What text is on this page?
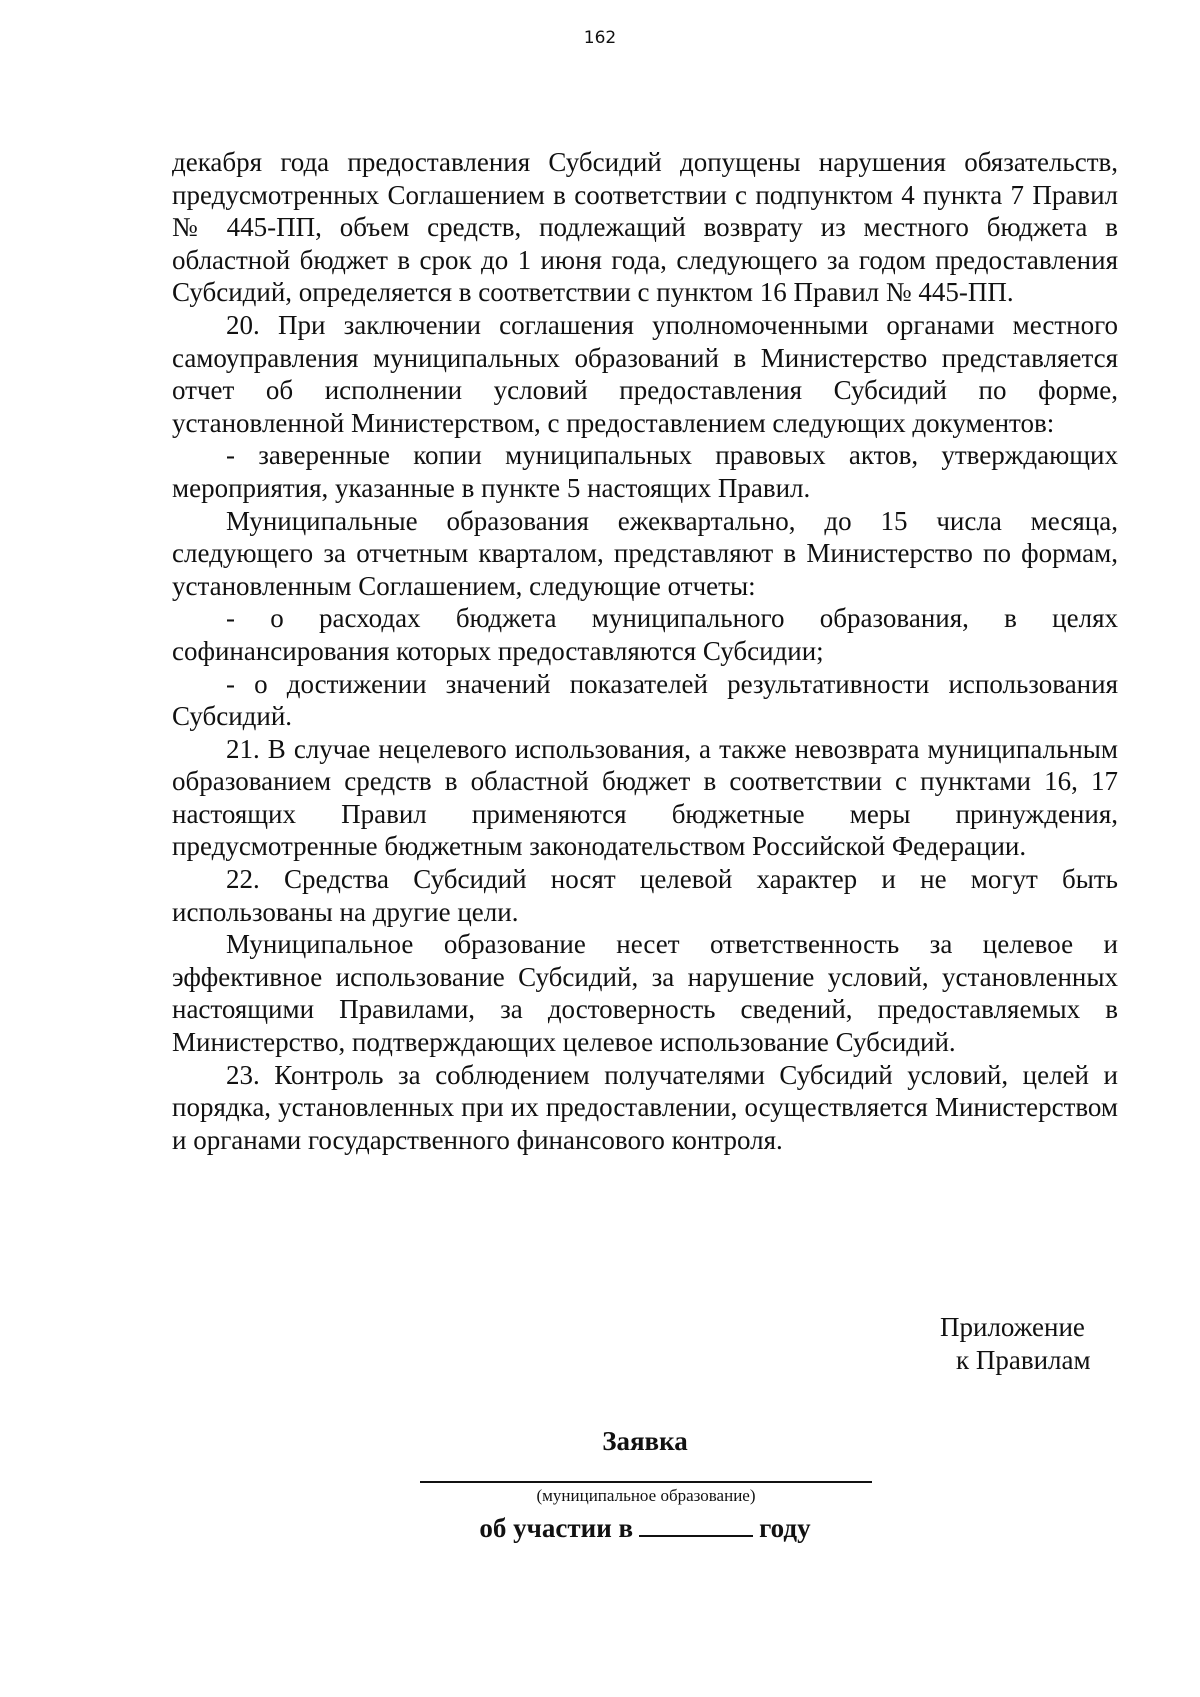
162

декабря года предоставления Субсидий допущены нарушения обязательств, предусмотренных Соглашением в соответствии с подпунктом 4 пункта 7 Правил № 445-ПП, объем средств, подлежащий возврату из местного бюджета в областной бюджет в срок до 1 июня года, следующего за годом предоставления Субсидий, определяется в соответствии с пунктом 16 Правил № 445-ПП.

20. При заключении соглашения уполномоченными органами местного самоуправления муниципальных образований в Министерство представляется отчет об исполнении условий предоставления Субсидий по форме, установленной Министерством, с предоставлением следующих документов:

- заверенные копии муниципальных правовых актов, утверждающих мероприятия, указанные в пункте 5 настоящих Правил.

Муниципальные образования ежеквартально, до 15 числа месяца, следующего за отчетным кварталом, представляют в Министерство по формам, установленным Соглашением, следующие отчеты:

- о расходах бюджета муниципального образования, в целях софинансирования которых предоставляются Субсидии;

- о достижении значений показателей результативности использования Субсидий.

21. В случае нецелевого использования, а также невозврата муниципальным образованием средств в областной бюджет в соответствии с пунктами 16, 17 настоящих Правил применяются бюджетные меры принуждения, предусмотренные бюджетным законодательством Российской Федерации.

22. Средства Субсидий носят целевой характер и не могут быть использованы на другие цели.

Муниципальное образование несет ответственность за целевое и эффективное использование Субсидий, за нарушение условий, установленных настоящими Правилами, за достоверность сведений, предоставляемых в Министерство, подтверждающих целевое использование Субсидий.

23. Контроль за соблюдением получателями Субсидий условий, целей и порядка, установленных при их предоставлении, осуществляется Министерством и органами государственного финансового контроля.

Приложение
к Правилам
Заявка
(муниципальное образование)
об участии в	году
